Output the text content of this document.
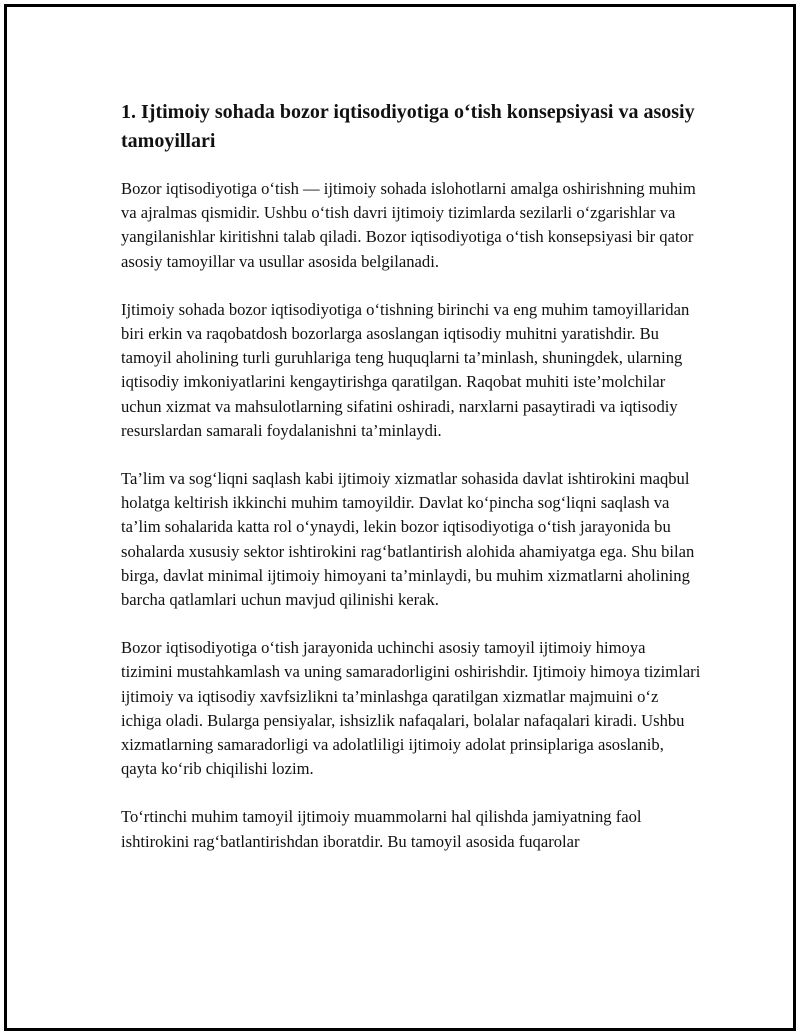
1. Ijtimoiy sohada bozor iqtisodiyotiga o‘tish konsepsiyasi va asosiy tamoyillari

Bozor iqtisodiyotiga o‘tish — ijtimoiy sohada islohotlarni amalga oshirishning muhim va ajralmas qismidir. Ushbu o‘tish davri ijtimoiy tizimlarda sezilarli o‘zgarishlar va yangilanishlar kiritishni talab qiladi. Bozor iqtisodiyotiga o‘tish konsepsiyasi bir qator asosiy tamoyillar va usullar asosida belgilanadi.

Ijtimoiy sohada bozor iqtisodiyotiga o‘tishning birinchi va eng muhim tamoyillaridan biri erkin va raqobatdosh bozorlarga asoslangan iqtisodiy muhitni yaratishdir. Bu tamoyil aholining turli guruhlariga teng huquqlarni ta’minlash, shuningdek, ularning iqtisodiy imkoniyatlarini kengaytirishga qaratilgan. Raqobat muhiti iste’molchilar uchun xizmat va mahsulotlarning sifatini oshiradi, narxlarni pasaytiradi va iqtisodiy resurslardan samarali foydalanishni ta’minlaydi.

Ta’lim va sog‘liqni saqlash kabi ijtimoiy xizmatlar sohasida davlat ishtirokini maqbul holatga keltirish ikkinchi muhim tamoyildir. Davlat ko‘pincha sog‘liqni saqlash va ta’lim sohalarida katta rol o‘ynaydi, lekin bozor iqtisodiyotiga o‘tish jarayonida bu sohalarda xususiy sektor ishtirokini rag‘batlantirish alohida ahamiyatga ega. Shu bilan birga, davlat minimal ijtimoiy himoyani ta’minlaydi, bu muhim xizmatlarni aholining barcha qatlamlari uchun mavjud qilinishi kerak.

Bozor iqtisodiyotiga o‘tish jarayonida uchinchi asosiy tamoyil ijtimoiy himoya tizimini mustahkamlash va uning samaradorligini oshirishdir. Ijtimoiy himoya tizimlari ijtimoiy va iqtisodiy xavfsizlikni ta’minlashga qaratilgan xizmatlar majmuini o‘z ichiga oladi. Bularga pensiyalar, ishsizlik nafaqalari, bolalar nafaqalari kiradi. Ushbu xizmatlarning samaradorligi va adolatliligi ijtimoiy adolat prinsiplariga asoslanib, qayta ko‘rib chiqilishi lozim.

To‘rtinchi muhim tamoyil ijtimoiy muammolarni hal qilishda jamiyatning faol ishtirokini rag‘batlantirishdan iboratdir. Bu tamoyil asosida fuqarolar
